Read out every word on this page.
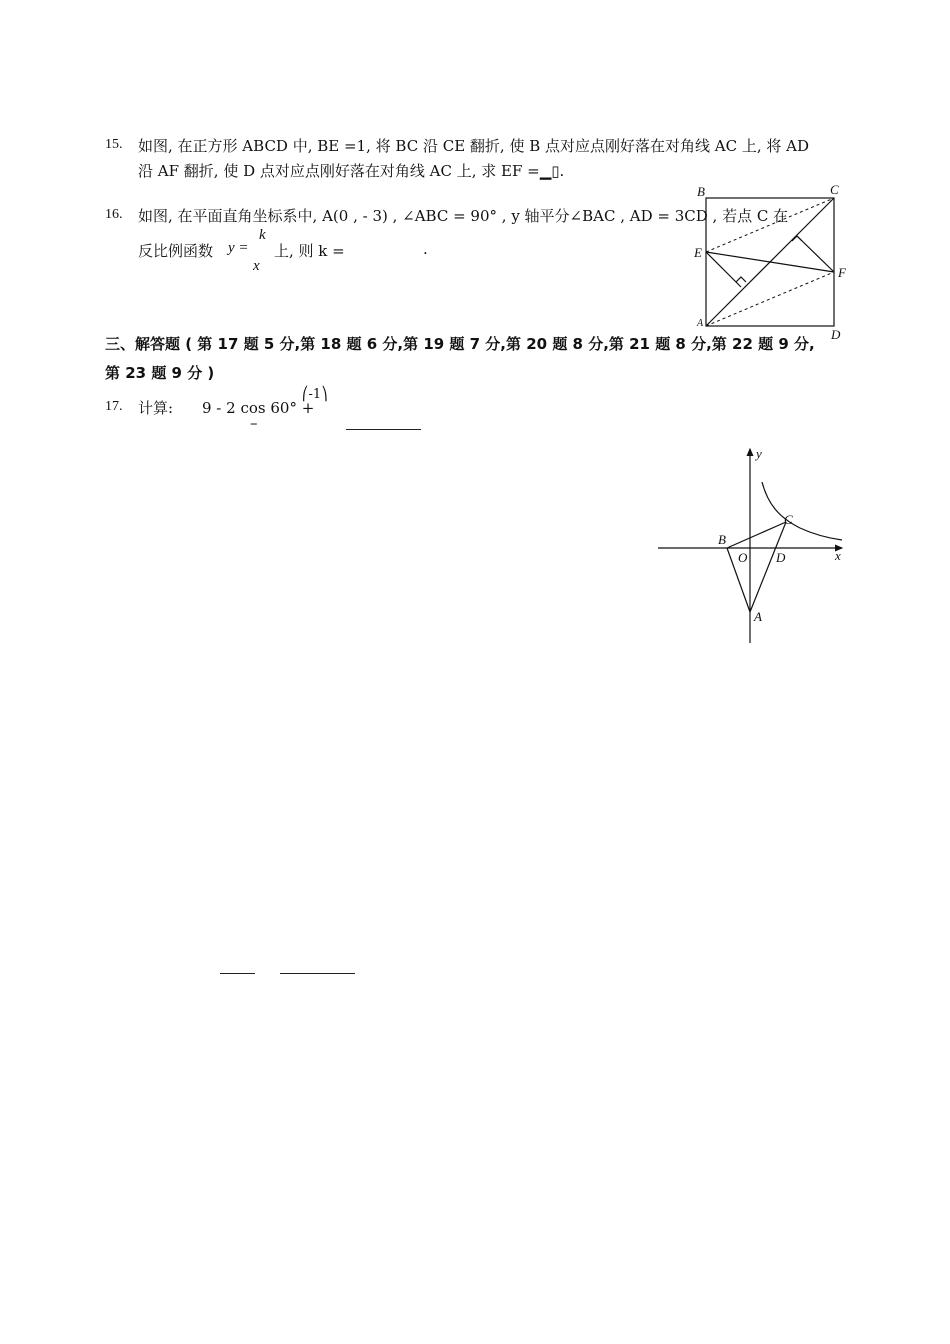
15. 如图, 在正方形 ABCD 中, BE =1, 将 BC 沿 CE 翻折, 使 B 点对应点刚好落在对角线 AC 上, 将 AD
沿 AF 翻折, 使 D 点对应点刚好落在对角线 AC 上, 求 EF =▁▯.
16. 如图, 在平面直角坐标系中, A(0 , - 3) , ∠ABC = 90° , y 轴平分∠BAC , AD = 3CD , 若点 C 在
反比例函数 y =
k
x
上, 则 k =	.
三、解答题 ( 第 17 题 5 分,第 18 题 6 分,第 19 题 7 分,第 20 题 8 分,第 21 题 8 分,第 22 题 9 分,
第 23 题 9 分 )
17. 计算: 9 - 2 cos 60° +
⎛-1⎞
–
B	C
E
F
A
D
y
x
B
O D
C
A
